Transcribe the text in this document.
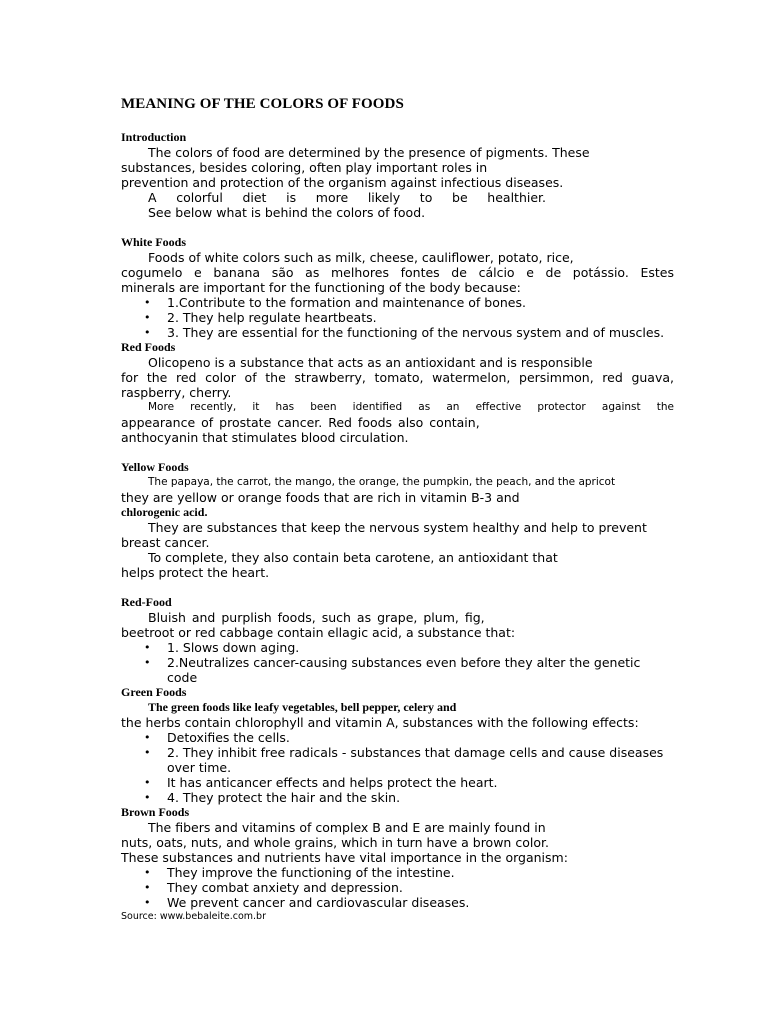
MEANING OF THE COLORS OF FOODS

Introduction

The colors of food are determined by the presence of pigments. These

substances, besides coloring, often play important roles in

prevention and protection of the organism against infectious diseases.

A colorful diet is more likely to be healthier.

See below what is behind the colors of food.

White Foods

Foods of white colors such as milk, cheese, cauliflower, potato, rice,

cogumelo e banana são as melhores fontes de cálcio e de potássio. Estes

minerals are important for the functioning of the body because:

• 1.Contribute to the formation and maintenance of bones.

• 2. They help regulate heartbeats.

• 3. They are essential for the functioning of the nervous system and of muscles.

Red Foods

Olicopeno is a substance that acts as an antioxidant and is responsible

for the red color of the strawberry, tomato, watermelon, persimmon, red guava,

raspberry, cherry.

More recently, it has been identified as an effective protector against the

appearance of prostate cancer. Red foods also contain,

anthocyanin that stimulates blood circulation.

Yellow Foods

The papaya, the carrot, the mango, the orange, the pumpkin, the peach, and the apricot

they are yellow or orange foods that are rich in vitamin B-3 and

chlorogenic acid.

They are substances that keep the nervous system healthy and help to prevent

breast cancer.

To complete, they also contain beta carotene, an antioxidant that

helps protect the heart.

Red-Food

Bluish and purplish foods, such as grape, plum, fig,

beetroot or red cabbage contain ellagic acid, a substance that:

• 1. Slows down aging.

• 2.Neutralizes cancer-causing substances even before they alter the genetic code

Green Foods

The green foods like leafy vegetables, bell pepper, celery and

the herbs contain chlorophyll and vitamin A, substances with the following effects:

• Detoxifies the cells.

• 2. They inhibit free radicals - substances that damage cells and cause diseases over time.

• It has anticancer effects and helps protect the heart.

• 4. They protect the hair and the skin.

Brown Foods

The fibers and vitamins of complex B and E are mainly found in

nuts, oats, nuts, and whole grains, which in turn have a brown color.

These substances and nutrients have vital importance in the organism:

• They improve the functioning of the intestine.

• They combat anxiety and depression.

• We prevent cancer and cardiovascular diseases.

Source: www.bebaleite.com.br
